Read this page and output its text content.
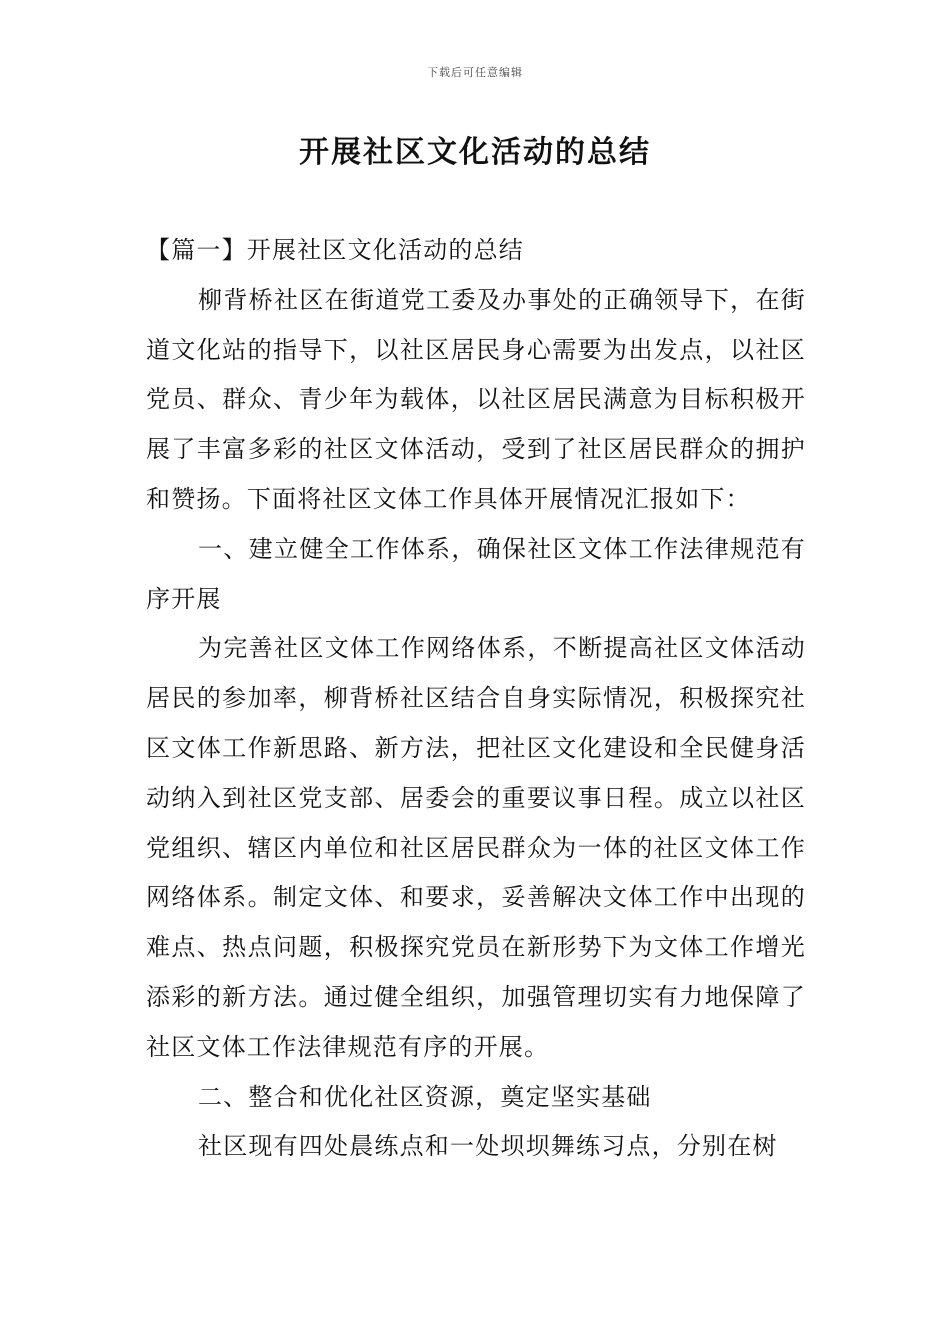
下载后可任意编辑
开展社区文化活动的总结

【篇一】开展社区文化活动的总结

柳背桥社区在街道党工委及办事处的正确领导下，在街道文化站的指导下，以社区居民身心需要为出发点，以社区党员、群众、青少年为载体，以社区居民满意为目标积极开展了丰富多彩的社区文体活动，受到了社区居民群众的拥护和赞扬。下面将社区文体工作具体开展情况汇报如下：

一、建立健全工作体系，确保社区文体工作法律规范有序开展

为完善社区文体工作网络体系，不断提高社区文体活动居民的参加率，柳背桥社区结合自身实际情况，积极探究社区文体工作新思路、新方法，把社区文化建设和全民健身活动纳入到社区党支部、居委会的重要议事日程。成立以社区党组织、辖区内单位和社区居民群众为一体的社区文体工作网络体系。制定文体、和要求，妥善解决文体工作中出现的难点、热点问题，积极探究党员在新形势下为文体工作增光添彩的新方法。通过健全组织，加强管理切实有力地保障了社区文体工作法律规范有序的开展。

二、整合和优化社区资源，奠定坚实基础

社区现有四处晨练点和一处坝坝舞练习点，分别在树
